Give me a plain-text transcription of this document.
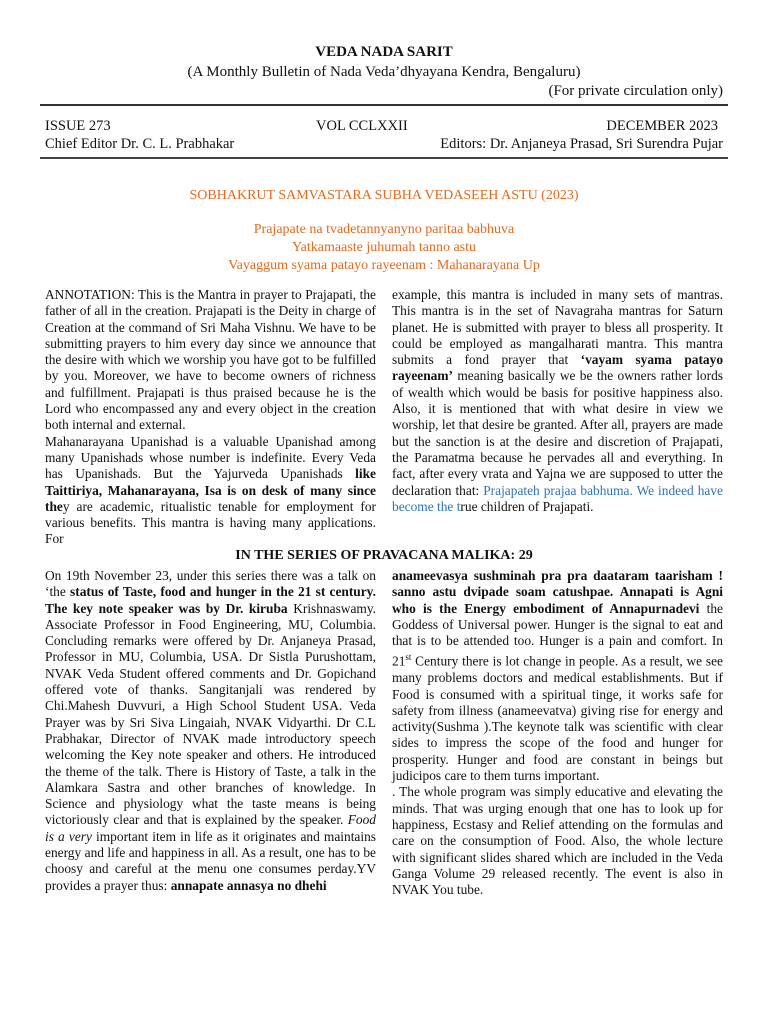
VEDA NADA SARIT
(A Monthly Bulletin of Nada Veda’dhyayana Kendra, Bengaluru)
(For private circulation only)
ISSUE 273	VOL CCLXXII	DECEMBER 2023
Chief Editor Dr. C. L. Prabhakar	Editors: Dr. Anjaneya Prasad, Sri Surendra Pujar
SOBHAKRUT SAMVASTARA SUBHA VEDASEEH ASTU (2023)
Prajapate na tvadetannyanyno paritaa babhuva
Yatkamaaste juhumah tanno astu
Vayaggum syama patayo rayeenam : Mahanarayana Up

ANNOTATION: This is the Mantra in prayer to Prajapati, the father of all in the creation. Prajapati is the Deity in charge of Creation at the command of Sri Maha Vishnu. We have to be submitting prayers to him every day since we announce that the desire with which we worship you have got to be fulfilled by you. Moreover, we have to become owners of richness and fulfillment. Prajapati is thus praised because he is the Lord who encompassed any and every object in the creation both internal and external.

Mahanarayana Upanishad is a valuable Upanishad among many Upanishads whose number is indefinite. Every Veda has Upanishads. But the Yajurveda Upanishads like Taittiriya, Mahanarayana, Isa is on desk of many since they are academic, ritualistic tenable for employment for various benefits. This mantra is having many applications. For

example, this mantra is included in many sets of mantras. This mantra is in the set of Navagraha mantras for Saturn planet. He is submitted with prayer to bless all prosperity. It could be employed as mangalharati mantra. This mantra submits a fond prayer that ‘vayam syama patayo rayeenam’ meaning basically we be the owners rather lords of wealth which would be basis for positive happiness also. Also, it is mentioned that with what desire in view we worship, let that desire be granted. After all, prayers are made but the sanction is at the desire and discretion of Prajapati, the Paramatma because he pervades all and everything. In fact, after every vrata and Yajna we are supposed to utter the declaration that: Prajapateh prajaa babhuma. We indeed have become the true children of Prajapati.

IN THE SERIES OF PRAVACANA MALIKA: 29

On 19th November 23, under this series there was a talk on ‘the status of Taste, food and hunger in the 21 st century. The key note speaker was by Dr. kiruba Krishnaswamy. Associate Professor in Food Engineering, MU, Columbia. Concluding remarks were offered by Dr. Anjaneya Prasad, Professor in MU, Columbia, USA. Dr Sistla Purushottam, NVAK Veda Student offered comments and Dr. Gopichand offered vote of thanks. Sangitanjali was rendered by Chi.Mahesh Duvvuri, a High School Student USA. Veda Prayer was by Sri Siva Lingaiah, NVAK Vidyarthi. Dr C.L Prabhakar, Director of NVAK made introductory speech welcoming the Key note speaker and others. He introduced the theme of the talk. There is History of Taste, a talk in the Alamkara Sastra and other branches of knowledge. In Science and physiology what the taste means is being victoriously clear and that is explained by the speaker. Food is a very important item in life as it originates and maintains energy and life and happiness in all. As a result, one has to be choosy and careful at the menu one consumes perday.YV provides a prayer thus: annapate annasya no dhehi

anameevasya sushminah pra pra daataram taarisham ! sanno astu dvipade soam catushpae. Annapati is Agni who is the Energy embodiment of Annapurnadevi the Goddess of Universal power. Hunger is the signal to eat and that is to be attended too. Hunger is a pain and comfort. In 21st Century there is lot change in people. As a result, we see many problems doctors and medical establishments. But if Food is consumed with a spiritual tinge, it works safe for safety from illness (anameevatva) giving rise for energy and activity(Sushma ).The keynote talk was scientific with clear sides to impress the scope of the food and hunger for prosperity. Hunger and food are constant in beings but judicipos care to them turns important.

. The whole program was simply educative and elevating the minds. That was urging enough that one has to look up for happiness, Ecstasy and Relief attending on the formulas and care on the consumption of Food. Also, the whole lecture with significant slides shared which are included in the Veda Ganga Volume 29 released recently. The event is also in NVAK You tube.
